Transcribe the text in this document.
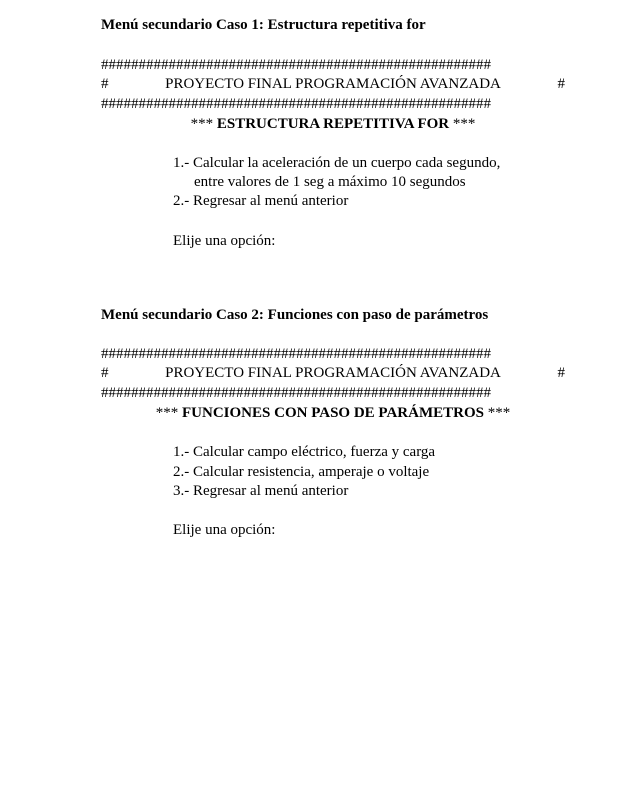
Menú secundario Caso 1: Estructura repetitiva for
####################################################
#	PROYECTO FINAL PROGRAMACIÓN AVANZADA	#
####################################################
*** ESTRUCTURA REPETITIVA FOR ***
1.- Calcular la aceleración de un cuerpo cada segundo,
entre valores de 1 seg a máximo 10 segundos
2.- Regresar al menú anterior
Elije una opción:
Menú secundario Caso 2: Funciones con paso de parámetros
####################################################
#	PROYECTO FINAL PROGRAMACIÓN AVANZADA	#
####################################################
*** FUNCIONES CON PASO DE PARÁMETROS ***
1.- Calcular campo eléctrico, fuerza y carga
2.- Calcular resistencia, amperaje o voltaje
3.- Regresar al menú anterior
Elije una opción:
